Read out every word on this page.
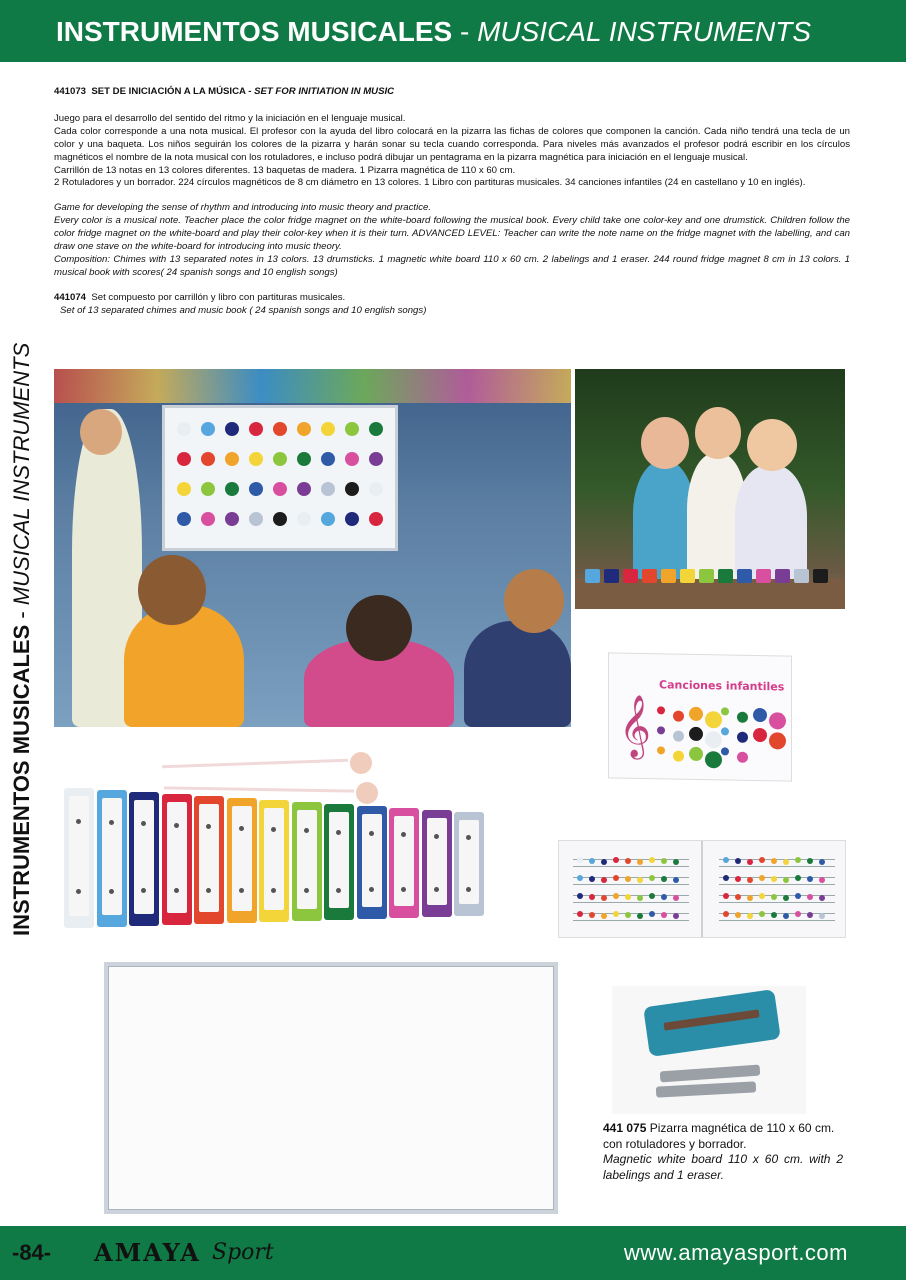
INSTRUMENTOS MUSICALES - MUSICAL INSTRUMENTS
INSTRUMENTOS MUSICALES - MUSICAL INSTRUMENTS

441073 SET DE INICIACIÓN A LA MÚSICA - SET FOR INITIATION IN MUSIC

Juego para el desarrollo del sentido del ritmo y la iniciación en el lenguaje musical.

Cada color corresponde a una nota musical. El profesor con la ayuda del libro colocará en la pizarra las fichas de colores que componen la canción. Cada niño tendrá una tecla de un color y una baqueta. Los niños seguirán los colores de la pizarra y harán sonar su tecla cuando corresponda. Para niveles más avanzados el profesor podrá escribir en los círculos magnéticos el nombre de la nota musical con los rotuladores, e incluso podrá dibujar un pentagrama en la pizarra magnética para iniciación en el lenguaje musical.

Carrillón de 13 notas en 13 colores diferentes. 13 baquetas de madera. 1 Pizarra magnética de 110 x 60 cm.

2 Rotuladores y un borrador. 224 círculos magnéticos de 8 cm diámetro en 13 colores. 1 Libro con partituras musicales. 34 canciones infantiles (24 en castellano y 10 en inglés).

Game for developing the sense of rhythm and introducing into music theory and practice.

Every color is a musical note. Teacher place the color fridge magnet on the white-board following the musical book. Every child take one color-key and one drumstick. Children follow the color fridge magnet on the white-board and play their color-key when it is their turn. ADVANCED LEVEL: Teacher can write the note name on the fridge magnet with the labelling, and can draw one stave on the white-board for introducing into music theory.

Composition: Chimes with 13 separated notes in 13 colors. 13 drumsticks. 1 magnetic white board 110 x 60 cm. 2 labelings and 1 eraser. 244 round fridge magnet 8 cm in 13 colors. 1 musical book with scores( 24 spanish songs and 10 english songs)

441074 Set compuesto por carrillón y libro con partituras musicales.

Set of 13 separated chimes and music book ( 24 spanish songs and 10 english songs)

𝄞
Canciones infantiles

441 075 Pizarra magnética de 110 x 60 cm. con rotuladores y borrador.

Magnetic white board 110 x 60 cm. with 2 labelings and 1 eraser.

-84- AMAYA Sport	www.amayasport.com
